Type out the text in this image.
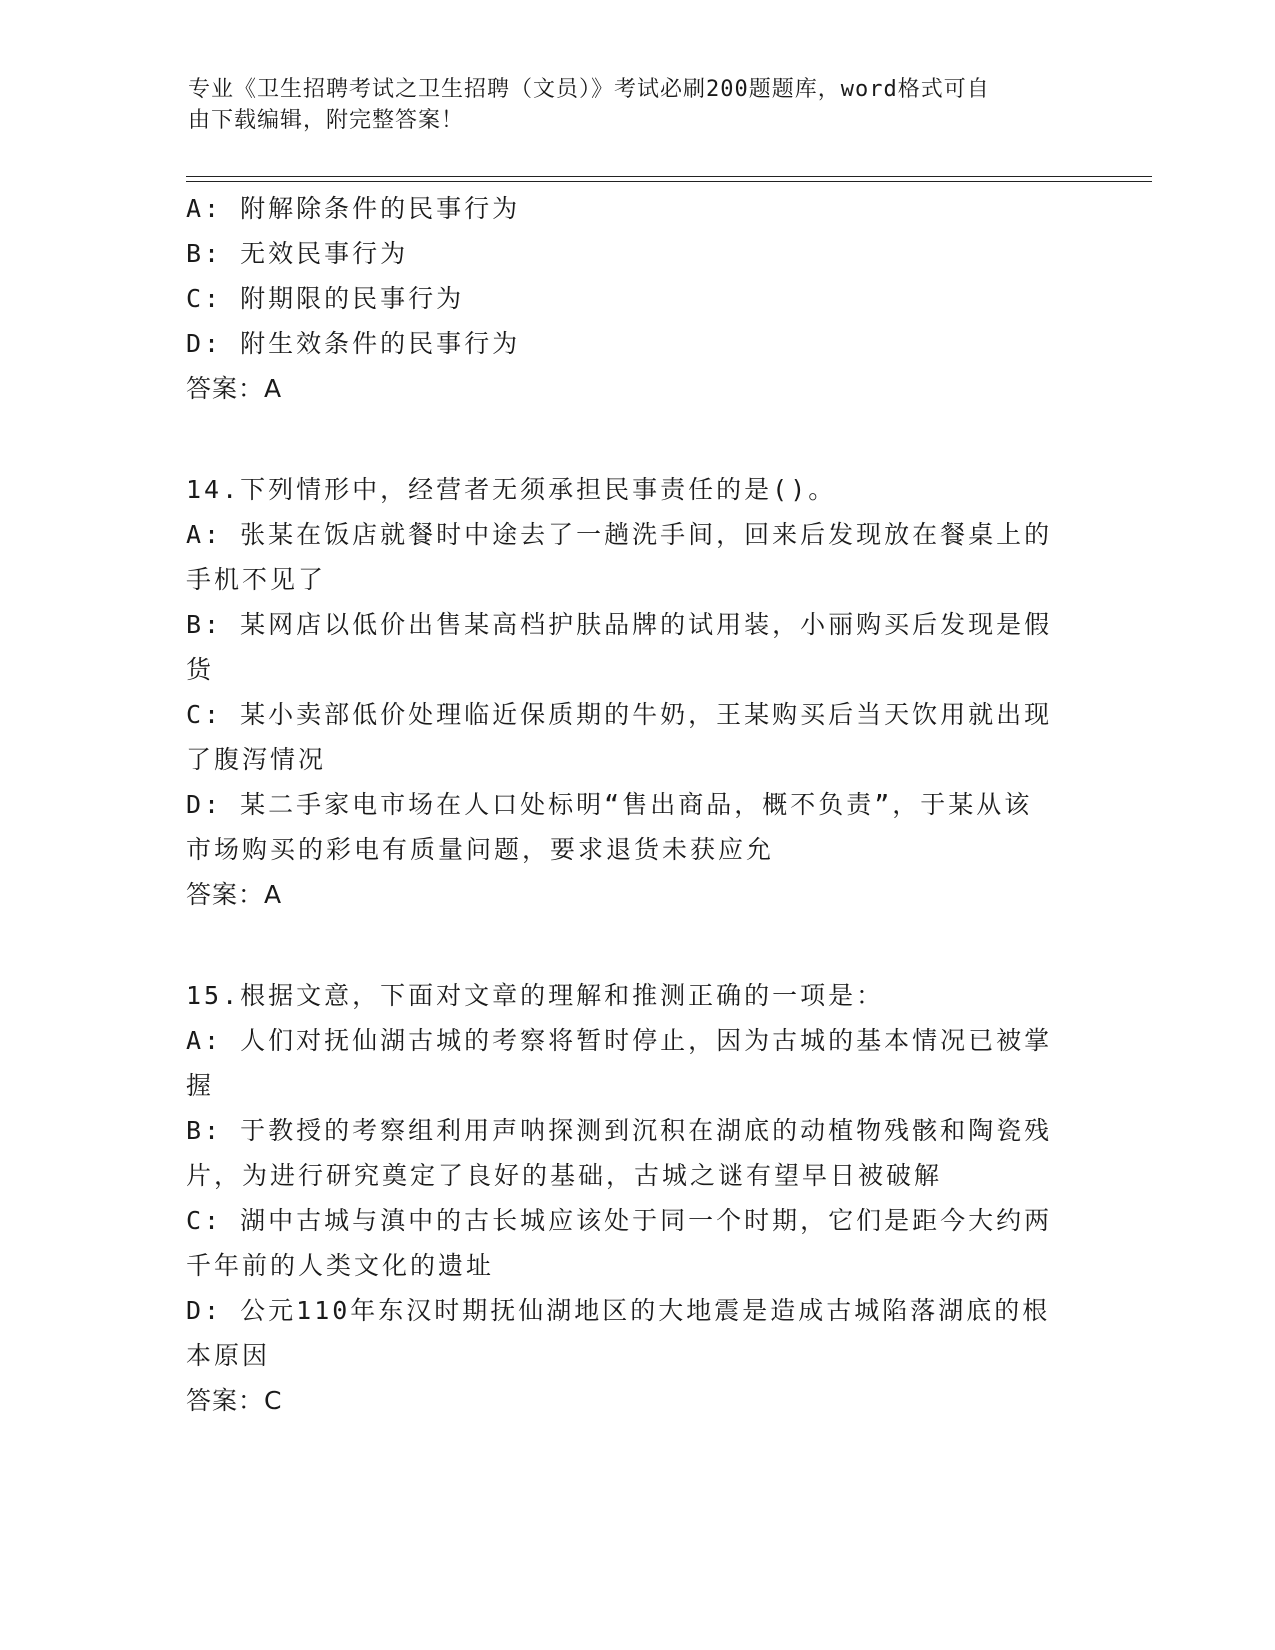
专业《卫生招聘考试之卫生招聘（文员）》考试必刷200题题库，word格式可自
由下载编辑，附完整答案！
A: 附解除条件的民事行为
B: 无效民事行为
C: 附期限的民事行为
D: 附生效条件的民事行为
答案：A
14.下列情形中，经营者无须承担民事责任的是()。
A: 张某在饭店就餐时中途去了一趟洗手间，回来后发现放在餐桌上的
手机不见了
B: 某网店以低价出售某高档护肤品牌的试用装，小丽购买后发现是假
货
C: 某小卖部低价处理临近保质期的牛奶，王某购买后当天饮用就出现
了腹泻情况
D: 某二手家电市场在人口处标明“售出商品，概不负责”，于某从该
市场购买的彩电有质量问题，要求退货未获应允
答案：A
15.根据文意，下面对文章的理解和推测正确的一项是：
A: 人们对抚仙湖古城的考察将暂时停止，因为古城的基本情况已被掌
握
B: 于教授的考察组利用声呐探测到沉积在湖底的动植物残骸和陶瓷残
片，为进行研究奠定了良好的基础，古城之谜有望早日被破解
C: 湖中古城与滇中的古长城应该处于同一个时期，它们是距今大约两
千年前的人类文化的遗址
D: 公元110年东汉时期抚仙湖地区的大地震是造成古城陷落湖底的根
本原因
答案：C
